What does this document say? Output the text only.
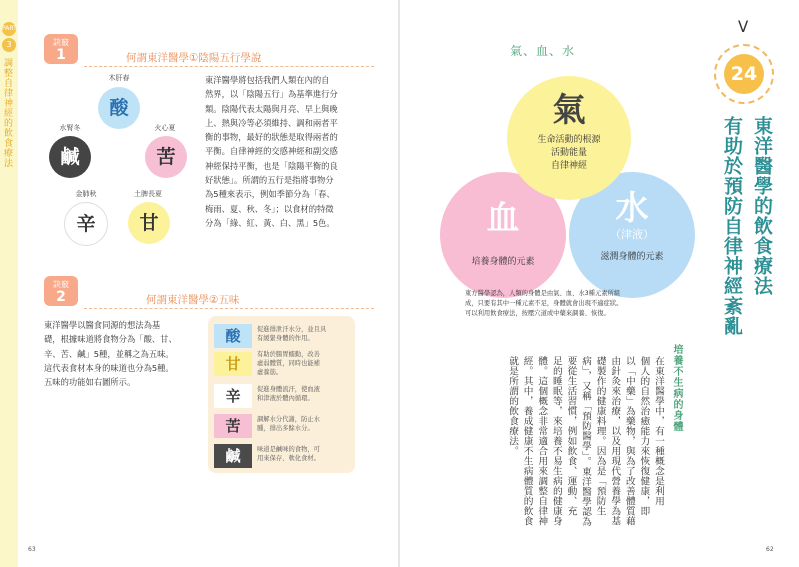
PART
3
調整自律神經的飲食療法
訣竅
1	何謂東洋醫學①陰陽五行學說
木肝春
酸
水腎冬
鹹
火心夏
苦
金肺秋
辛
土脾長夏
甘
東洋醫學將包括我們人類在內的自
然界，以「陰陽五行」為基準進行分
類。陰陽代表太陽與月亮、早上與晚
上、熱與冷等必須維持、調和兩者平
衡的事物，最好的狀態是取得兩者的
平衡。自律神經的交感神經和副交感
神經保持平衡，也是「陰陽平衡的良
好狀態」。所謂的五行是指將事物分
為5種來表示，例如季節分為「春、
梅雨、夏、秋、冬」；以食材的特徵
分為「綠、紅、黃、白、黑」5色。
訣竅
2	何謂東洋醫學②五味
東洋醫學以醫食同源的想法為基
礎，根據味道將食物分為「酸、甘、
辛、苦、鹹」5種，並稱之為五味。
這代表食材本身的味道也分為5種。
五味的功能如右圖所示。
酸	促進排泄汗水分，並且具
有緩緊身體的作用。
甘
有助於腸胃蠕動，改善
虛弱體質，同時也能補
虛養筋。
辛	促進身體流汗，使血液
和津液於體內循環。
苦	調解水分代謝，防止水
腫，排出多餘水分。
鹹	味道是鹹味的食物，可
用來保存、軟化食材。
63
氣、血、水
血
培養身體的元素
水
（津液）
滋潤身體的元素
氣
生命活動的根源
活動能量
自律神經
東方醫學認為，人類的身體是由氣、血、水3種元素所組
成，只要有其中一種元素不足，身體就會出現不適症狀。
可以利用飲食療法，按壓穴道或中藥來調養、恢復。
ᐯ
24
東洋醫學的飲食療法
有助於預防自律神經紊亂
培養不生病的身體
在東洋醫學中，有一種概念是利用
個人的自然治癒能力來恢復健康，即
以「中藥」為藥物，與為了改善體質藉
由針灸來治療，以及用現代營養學為基
礎製作的健康料理。因為是「預防生
病」，又稱「預防醫學」。東洋醫學認為
要從生活習慣，例如飲食、運動、充
足的睡眠等，來培養不易生病的健康身
體。這個概念非常適合用來調整自律神
經。其中，養成健康不生病體質的飲食
就是所謂的飲食療法。
62
